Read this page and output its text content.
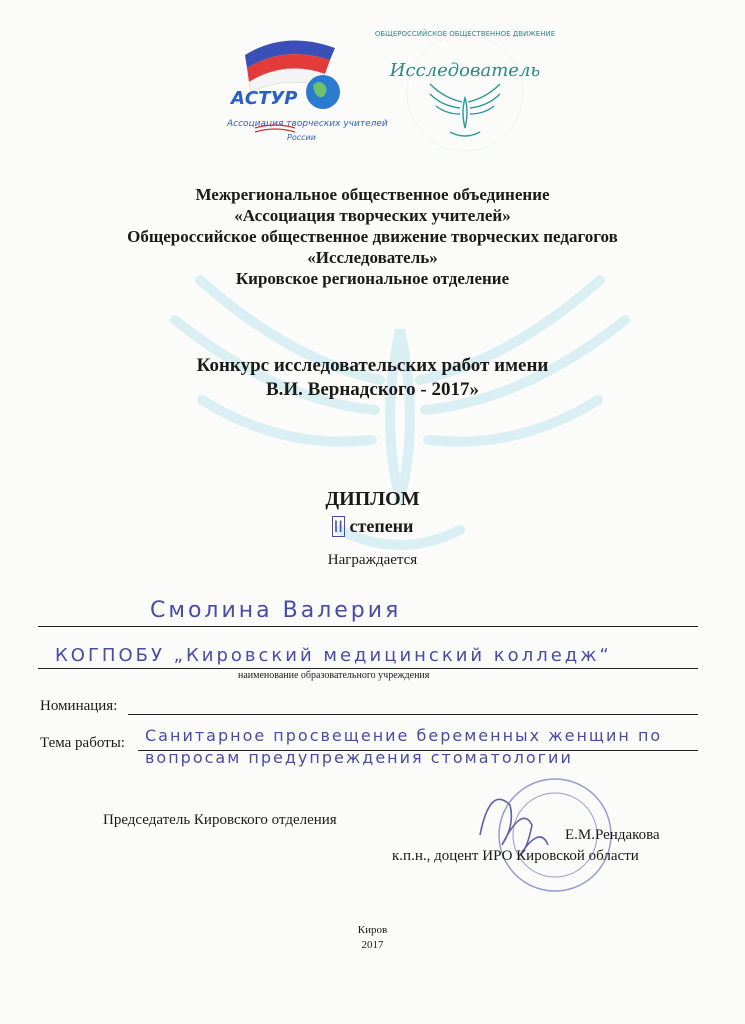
АСТУР
Ассоциация творческих учителей
России
ОБЩЕРОССИЙСКОЕ ОБЩЕСТВЕННОЕ ДВИЖЕНИЕ
Исследователь
Межрегиональное общественное объединение
«Ассоциация творческих учителей»
Общероссийское общественное движение творческих педагогов
«Исследователь»
Кировское региональное отделение
Конкурс исследовательских работ имени
В.И. Вернадского - 2017»
ДИПЛОМ
II степени
Награждается
Смолина Валерия
КОГПОБУ „Кировский медицинский колледж“
наименование образовательного учреждения
Номинация:
Тема работы: Санитарное просвещение беременных женщин по
вопросам предупреждения стоматологии
Председатель Кировского отделения
Е.М.Рендакова
к.п.н., доцент ИРО Кировской области
Киров
2017
